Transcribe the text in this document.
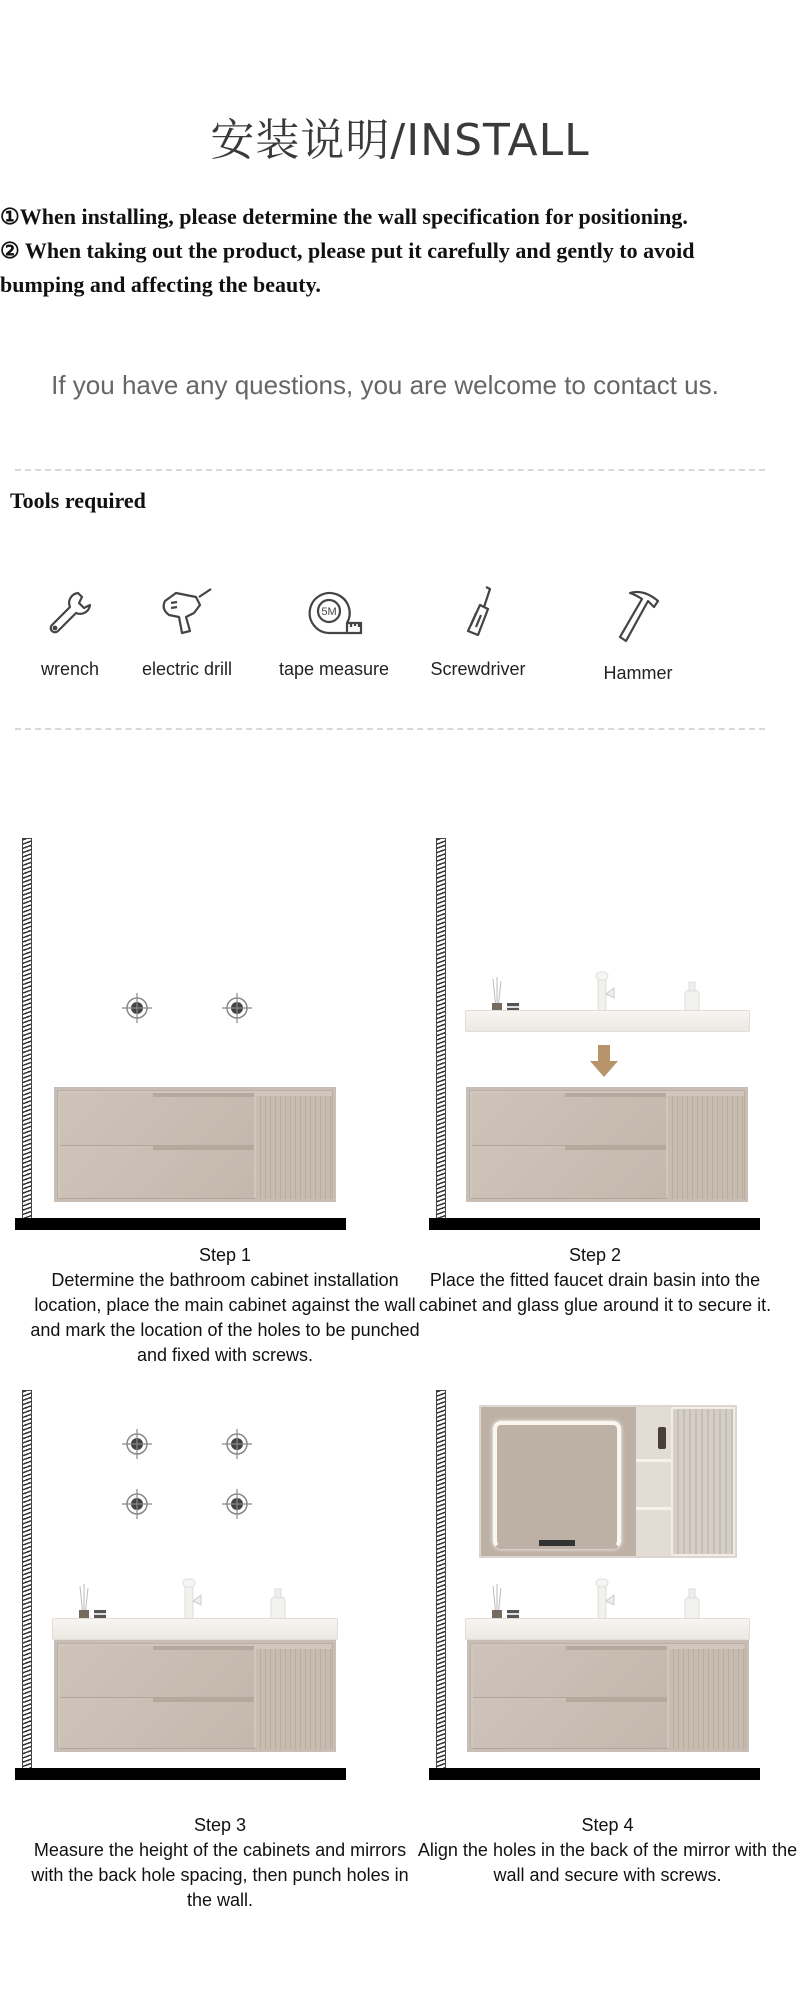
安装说明/INSTALL
①When installing, please determine the wall specification for positioning.
② When taking out the product, please put it carefully and gently to avoid bumping and affecting the beauty.
If you have any questions, you are welcome to contact us.
Tools required
wrench	electric drill
5M
tape measure	Screwdriver	Hammer
Step 1
Determine the bathroom cabinet installation location, place the main cabinet against the wall and mark the location of the holes to be punched and fixed with screws.
Step 2
Place the fitted faucet drain basin into the cabinet and glass glue around it to secure it.
Step 3
Measure the height of the cabinets and mirrors with the back hole spacing, then punch holes in the wall.
Step 4
Align the holes in the back of the mirror with the wall and secure with screws.
